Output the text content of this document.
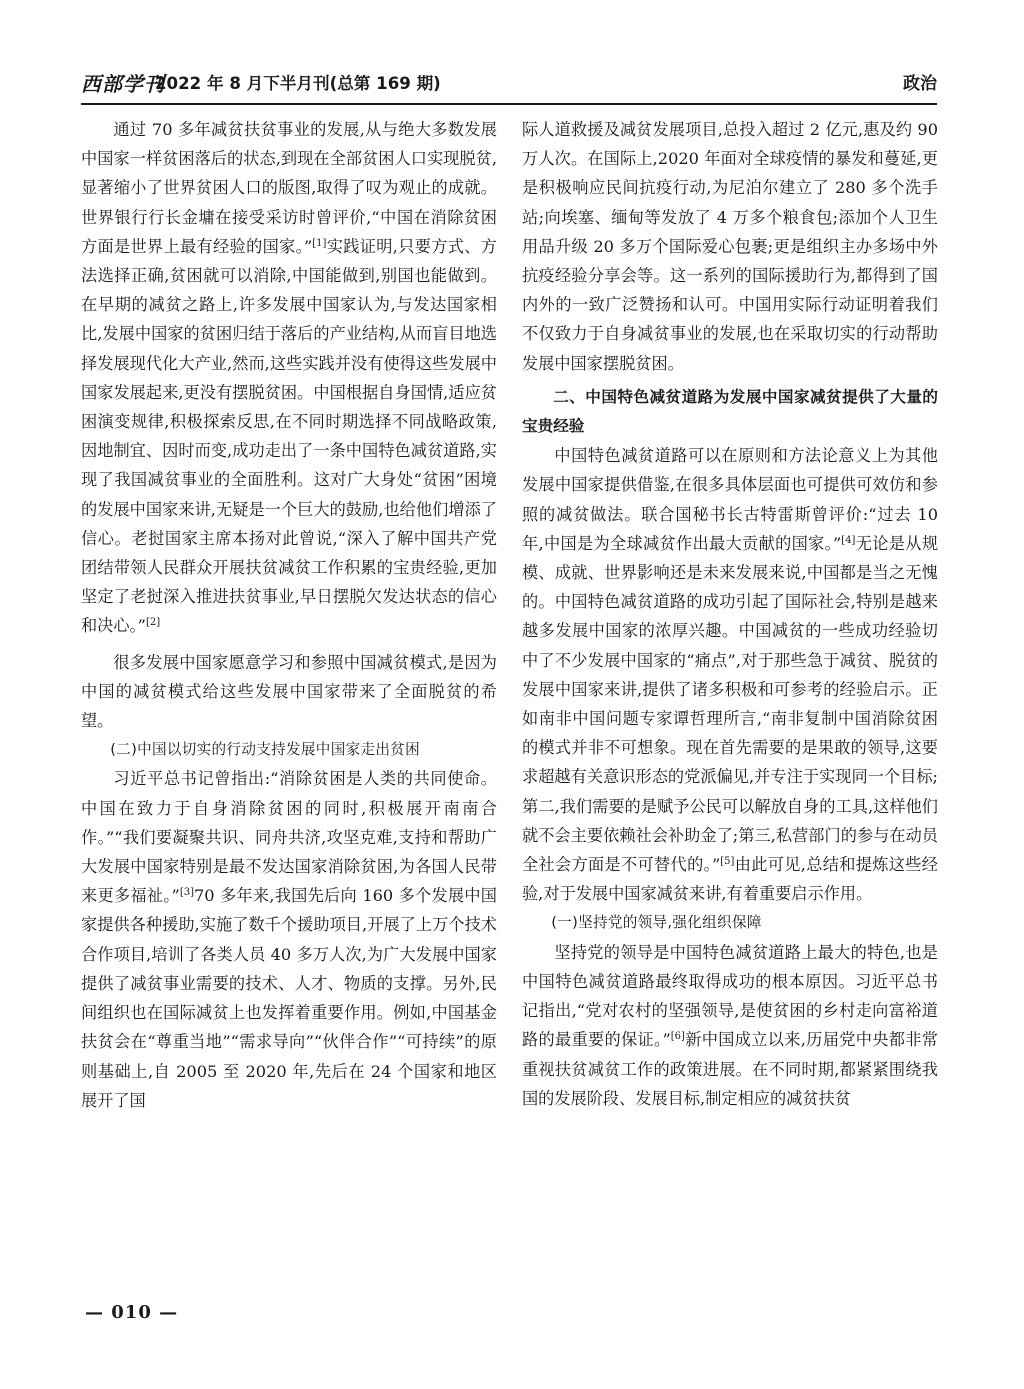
西部学刊
2022 年 8 月下半月刊(总第 169 期)	政治

通过 70 多年减贫扶贫事业的发展,从与绝大多数发展中国家一样贫困落后的状态,到现在全部贫困人口实现脱贫,显著缩小了世界贫困人口的版图,取得了叹为观止的成就。世界银行行长金墉在接受采访时曾评价,“中国在消除贫困方面是世界上最有经验的国家。”[1]实践证明,只要方式、方法选择正确,贫困就可以消除,中国能做到,别国也能做到。在早期的减贫之路上,许多发展中国家认为,与发达国家相比,发展中国家的贫困归结于落后的产业结构,从而盲目地选择发展现代化大产业,然而,这些实践并没有使得这些发展中国家发展起来,更没有摆脱贫困。中国根据自身国情,适应贫困演变规律,积极探索反思,在不同时期选择不同战略政策,因地制宜、因时而变,成功走出了一条中国特色减贫道路,实现了我国减贫事业的全面胜利。这对广大身处“贫困”困境的发展中国家来讲,无疑是一个巨大的鼓励,也给他们增添了信心。老挝国家主席本扬对此曾说,“深入了解中国共产党团结带领人民群众开展扶贫减贫工作积累的宝贵经验,更加坚定了老挝深入推进扶贫事业,早日摆脱欠发达状态的信心和决心。”[2]

很多发展中国家愿意学习和参照中国减贫模式,是因为中国的减贫模式给这些发展中国家带来了全面脱贫的希望。

(二)中国以切实的行动支持发展中国家走出贫困

习近平总书记曾指出:“消除贫困是人类的共同使命。中国在致力于自身消除贫困的同时,积极展开南南合作。”“我们要凝聚共识、同舟共济,攻坚克难,支持和帮助广大发展中国家特别是最不发达国家消除贫困,为各国人民带来更多福祉。”[3]70 多年来,我国先后向 160 多个发展中国家提供各种援助,实施了数千个援助项目,开展了上万个技术合作项目,培训了各类人员 40 多万人次,为广大发展中国家提供了减贫事业需要的技术、人才、物质的支撑。另外,民间组织也在国际减贫上也发挥着重要作用。例如,中国基金扶贫会在“尊重当地”“需求导向”“伙伴合作”“可持续”的原则基础上,自 2005 至 2020 年,先后在 24 个国家和地区展开了国

际人道救援及减贫发展项目,总投入超过 2 亿元,惠及约 90 万人次。在国际上,2020 年面对全球疫情的暴发和蔓延,更是积极响应民间抗疫行动,为尼泊尔建立了 280 多个洗手站;向埃塞、缅甸等发放了 4 万多个粮食包;添加个人卫生用品升级 20 多万个国际爱心包裹;更是组织主办多场中外抗疫经验分享会等。这一系列的国际援助行为,都得到了国内外的一致广泛赞扬和认可。中国用实际行动证明着我们不仅致力于自身减贫事业的发展,也在采取切实的行动帮助发展中国家摆脱贫困。

二、中国特色减贫道路为发展中国家减贫提供了大量的宝贵经验

中国特色减贫道路可以在原则和方法论意义上为其他发展中国家提供借鉴,在很多具体层面也可提供可效仿和参照的减贫做法。联合国秘书长古特雷斯曾评价:“过去 10 年,中国是为全球减贫作出最大贡献的国家。”[4]无论是从规模、成就、世界影响还是未来发展来说,中国都是当之无愧的。中国特色减贫道路的成功引起了国际社会,特别是越来越多发展中国家的浓厚兴趣。中国减贫的一些成功经验切中了不少发展中国家的“痛点”,对于那些急于减贫、脱贫的发展中国家来讲,提供了诸多积极和可参考的经验启示。正如南非中国问题专家谭哲理所言,“南非复制中国消除贫困的模式并非不可想象。现在首先需要的是果敢的领导,这要求超越有关意识形态的党派偏见,并专注于实现同一个目标;第二,我们需要的是赋予公民可以解放自身的工具,这样他们就不会主要依赖社会补助金了;第三,私营部门的参与在动员全社会方面是不可替代的。”[5]由此可见,总结和提炼这些经验,对于发展中国家减贫来讲,有着重要启示作用。

(一)坚持党的领导,强化组织保障

坚持党的领导是中国特色减贫道路上最大的特色,也是中国特色减贫道路最终取得成功的根本原因。习近平总书记指出,“党对农村的坚强领导,是使贫困的乡村走向富裕道路的最重要的保证。”[6]新中国成立以来,历届党中央都非常重视扶贫减贫工作的政策进展。在不同时期,都紧紧围绕我国的发展阶段、发展目标,制定相应的减贫扶贫

— 010 —
